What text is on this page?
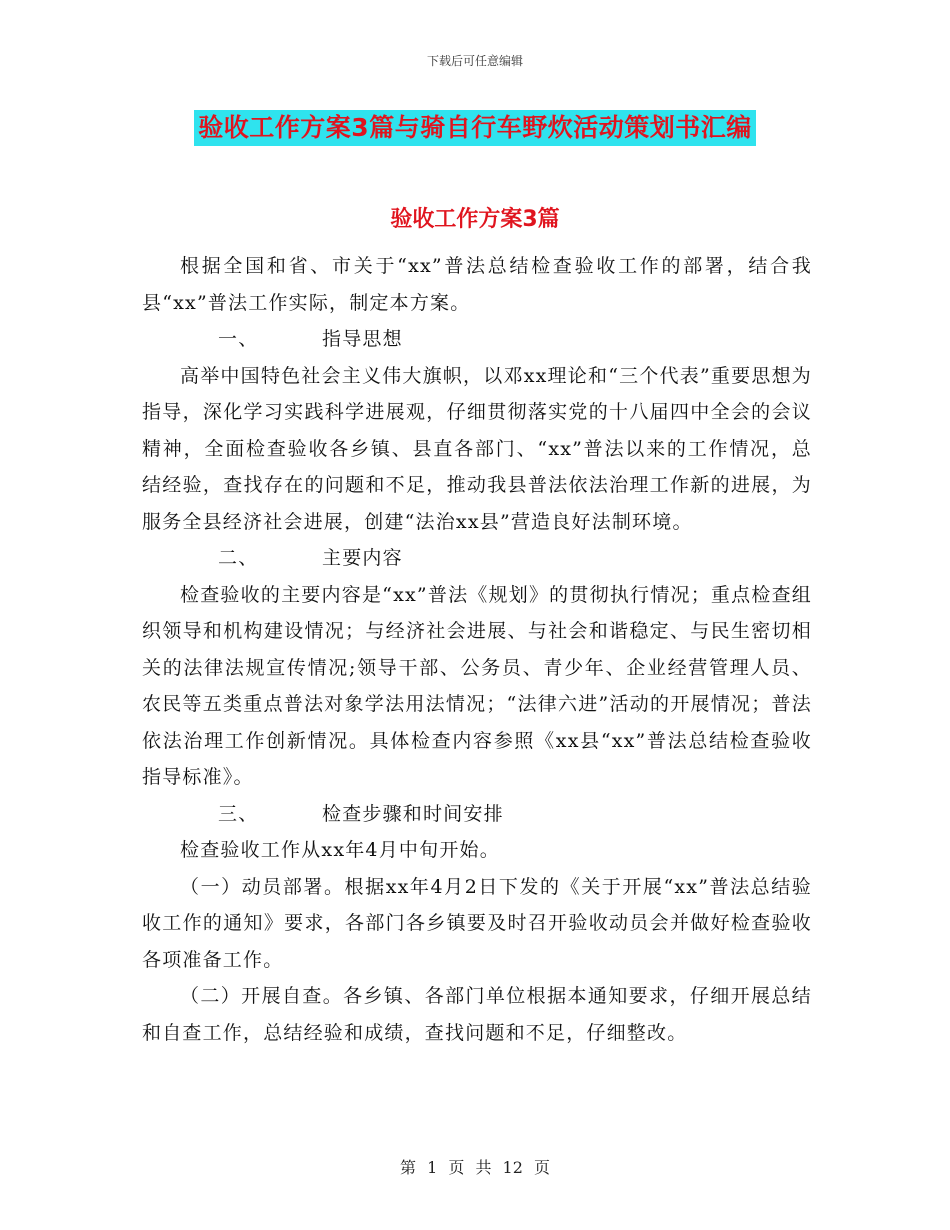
下载后可任意编辑
验收工作方案3篇与骑自行车野炊活动策划书汇编
验收工作方案3篇

根据全国和省、市关于“xx”普法总结检查验收工作的部署，结合我县“xx”普法工作实际，制定本方案。

一、	指导思想

高举中国特色社会主义伟大旗帜，以邓xx理论和“三个代表”重要思想为指导，深化学习实践科学进展观，仔细贯彻落实党的十八届四中全会的会议精神，全面检查验收各乡镇、县直各部门、“xx”普法以来的工作情况，总结经验，查找存在的问题和不足，推动我县普法依法治理工作新的进展，为服务全县经济社会进展，创建“法治xx县”营造良好法制环境。

二、	主要内容

检查验收的主要内容是“xx”普法《规划》的贯彻执行情况；重点检查组织领导和机构建设情况；与经济社会进展、与社会和谐稳定、与民生密切相关的法律法规宣传情况;领导干部、公务员、青少年、企业经营管理人员、农民等五类重点普法对象学法用法情况；“法律六进”活动的开展情况；普法依法治理工作创新情况。具体检查内容参照《xx县“xx”普法总结检查验收指导标准》。

三、	检查步骤和时间安排

检查验收工作从xx年4月中旬开始。

（一）动员部署。根据xx年4月2日下发的《关于开展“xx”普法总结验收工作的通知》要求，各部门各乡镇要及时召开验收动员会并做好检查验收各项准备工作。

（二）开展自查。各乡镇、各部门单位根据本通知要求，仔细开展总结和自查工作，总结经验和成绩，查找问题和不足，仔细整改。

第 1 页 共 12 页
